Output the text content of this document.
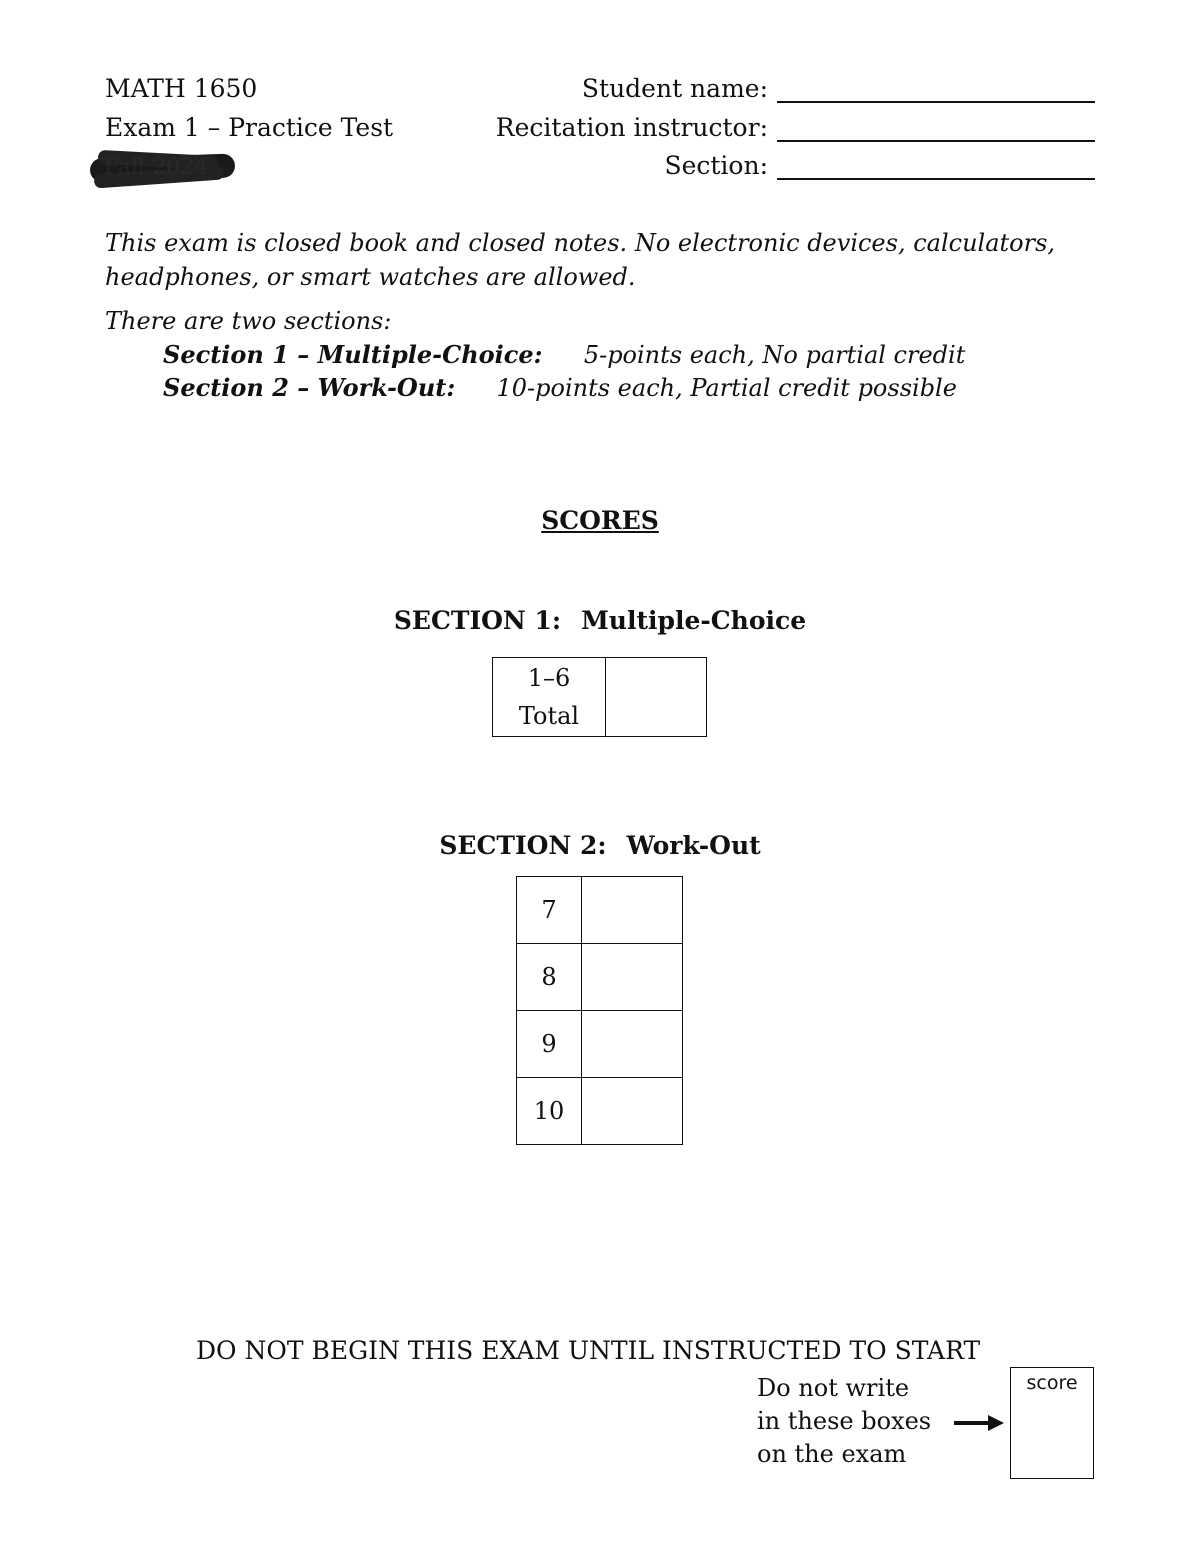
MATH 1650
Exam 1 – Practice Test
Fall 2024
Student name:
Recitation instructor:
Section:
This exam is closed book and closed notes. No electronic devices, calculators,
headphones, or smart watches are allowed.
There are two sections:
Section 1 – Multiple-Choice: 5-points each, No partial credit
Section 2 – Work-Out: 10-points each, Partial credit possible
SCORES
SECTION 1: Multiple-Choice
1–6
Total

SECTION 2: Work-Out
7	
8	
9	
10	
DO NOT BEGIN THIS EXAM UNTIL INSTRUCTED TO START
Do not write
in these boxes
on the exam
score
